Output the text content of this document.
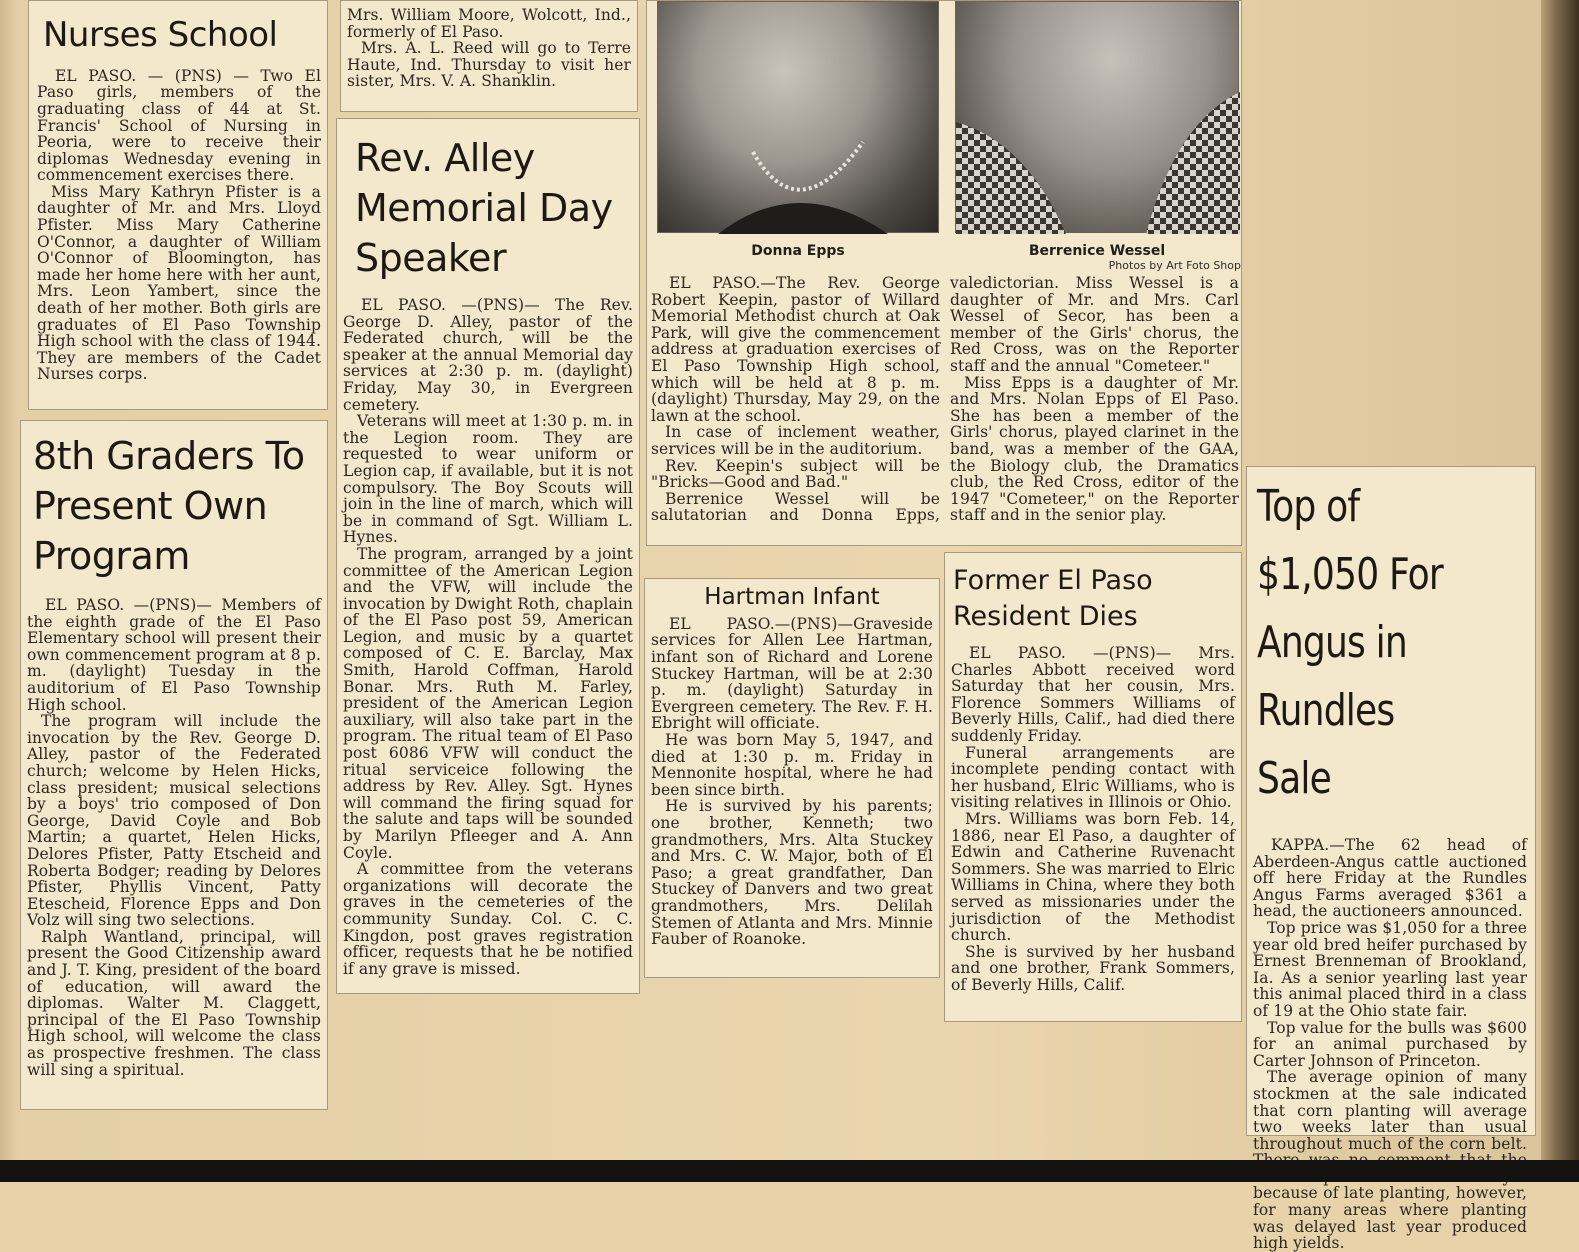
Nurses School

EL PASO. — (PNS) — Two El Paso girls, members of the graduating class of 44 at St. Francis' School of Nursing in Peoria, were to receive their diplomas Wednesday evening in commencement exercises there.

Miss Mary Kathryn Pfister is a daughter of Mr. and Mrs. Lloyd Pfister. Miss Mary Catherine O'Connor, a daughter of William O'Connor of Bloomington, has made her home here with her aunt, Mrs. Leon Yambert, since the death of her mother. Both girls are graduates of El Paso Township High school with the class of 1944. They are members of the Cadet Nurses corps.

8th Graders To Present Own Program

EL PASO. —(PNS)— Members of the eighth grade of the El Paso Elementary school will present their own commencement program at 8 p. m. (daylight) Tuesday in the auditorium of El Paso Township High school.

The program will include the invocation by the Rev. George D. Alley, pastor of the Federated church; welcome by Helen Hicks, class president; musical selections by a boys' trio composed of Don George, David Coyle and Bob Martin; a quartet, Helen Hicks, Delores Pfister, Patty Etscheid and Roberta Bodger; reading by Delores Pfister, Phyllis Vincent, Patty Etescheid, Florence Epps and Don Volz will sing two selections.

Ralph Wantland, principal, will present the Good Citizenship award and J. T. King, president of the board of education, will award the diplomas. Walter M. Claggett, principal of the El Paso Township High school, will welcome the class as prospective freshmen. The class will sing a spiritual.

Mrs. William Moore, Wolcott, Ind., formerly of El Paso.

Mrs. A. L. Reed will go to Terre Haute, Ind. Thursday to visit her sister, Mrs. V. A. Shanklin.

Rev. Alley Memorial Day Speaker

EL PASO. —(PNS)— The Rev. George D. Alley, pastor of the Federated church, will be the speaker at the annual Memorial day services at 2:30 p. m. (daylight) Friday, May 30, in Evergreen cemetery.

Veterans will meet at 1:30 p. m. in the Legion room. They are requested to wear uniform or Legion cap, if available, but it is not compulsory. The Boy Scouts will join in the line of march, which will be in command of Sgt. William L. Hynes.

The program, arranged by a joint committee of the American Legion and the VFW, will include the invocation by Dwight Roth, chaplain of the El Paso post 59, American Legion, and music by a quartet composed of C. E. Barclay, Max Smith, Harold Coffman, Harold Bonar. Mrs. Ruth M. Farley, president of the American Legion auxiliary, will also take part in the program. The ritual team of El Paso post 6086 VFW will conduct the ritual serviceice following the address by Rev. Alley. Sgt. Hynes will command the firing squad for the salute and taps will be sounded by Marilyn Pfleeger and A. Ann Coyle.

A committee from the veterans organizations will decorate the graves in the cemeteries of the community Sunday. Col. C. C. Kingdon, post graves registration officer, requests that he be notified if any grave is missed.

Donna Epps	Berrenice Wessel
Photos by Art Foto Shop

EL PASO.—The Rev. George Robert Keepin, pastor of Willard Memorial Methodist church at Oak Park, will give the commencement address at graduation exercises of El Paso Township High school, which will be held at 8 p. m. (daylight) Thursday, May 29, on the lawn at the school.

In case of inclement weather, services will be in the auditorium.

Rev. Keepin's subject will be "Bricks—Good and Bad."

Berrenice Wessel will be salutatorian and Donna Epps, valedictorian. Miss Wessel is a daughter of Mr. and Mrs. Carl Wessel of Secor, has been a member of the Girls' chorus, the Red Cross, was on the Reporter staff and the annual "Cometeer."

Miss Epps is a daughter of Mr. and Mrs. Nolan Epps of El Paso. She has been a member of the Girls' chorus, played clarinet in the band, was a member of the GAA, the Biology club, the Dramatics club, the Red Cross, editor of the 1947 "Cometeer," on the Reporter staff and in the senior play.

Hartman Infant

EL PASO.—(PNS)—Graveside services for Allen Lee Hartman, infant son of Richard and Lorene Stuckey Hartman, will be at 2:30 p. m. (daylight) Saturday in Evergreen cemetery. The Rev. F. H. Ebright will officiate.

He was born May 5, 1947, and died at 1:30 p. m. Friday in Mennonite hospital, where he had been since birth.

He is survived by his parents; one brother, Kenneth; two grandmothers, Mrs. Alta Stuckey and Mrs. C. W. Major, both of El Paso; a great grandfather, Dan Stuckey of Danvers and two great grandmothers, Mrs. Delilah Stemen of Atlanta and Mrs. Minnie Fauber of Roanoke.

Former El Paso Resident Dies

EL PASO. —(PNS)— Mrs. Charles Abbott received word Saturday that her cousin, Mrs. Florence Sommers Williams of Beverly Hills, Calif., had died there suddenly Friday.

Funeral arrangements are incomplete pending contact with her husband, Elric Williams, who is visiting relatives in Illinois or Ohio.

Mrs. Williams was born Feb. 14, 1886, near El Paso, a daughter of Edwin and Catherine Ruvenacht Sommers. She was married to Elric Williams in China, where they both served as missionaries under the jurisdiction of the Methodist church.

She is survived by her husband and one brother, Frank Sommers, of Beverly Hills, Calif.

Top of $1,050 For Angus in Rundles Sale

KAPPA.—The 62 head of Aberdeen-Angus cattle auctioned off here Friday at the Rundles Angus Farms averaged $361 a head, the auctioneers announced.

Top price was $1,050 for a three year old bred heifer purchased by Ernest Brenneman of Brookland, Ia. As a senior yearling last year this animal placed third in a class of 19 at the Ohio state fair.

Top value for the bulls was $600 for an animal purchased by Carter Johnson of Princeton.

The average opinion of many stockmen at the sale indicated that corn planting will average two weeks later than usual throughout much of the corn belt. because of late planting, however, for many areas where planting was delayed last year produced high yields.
